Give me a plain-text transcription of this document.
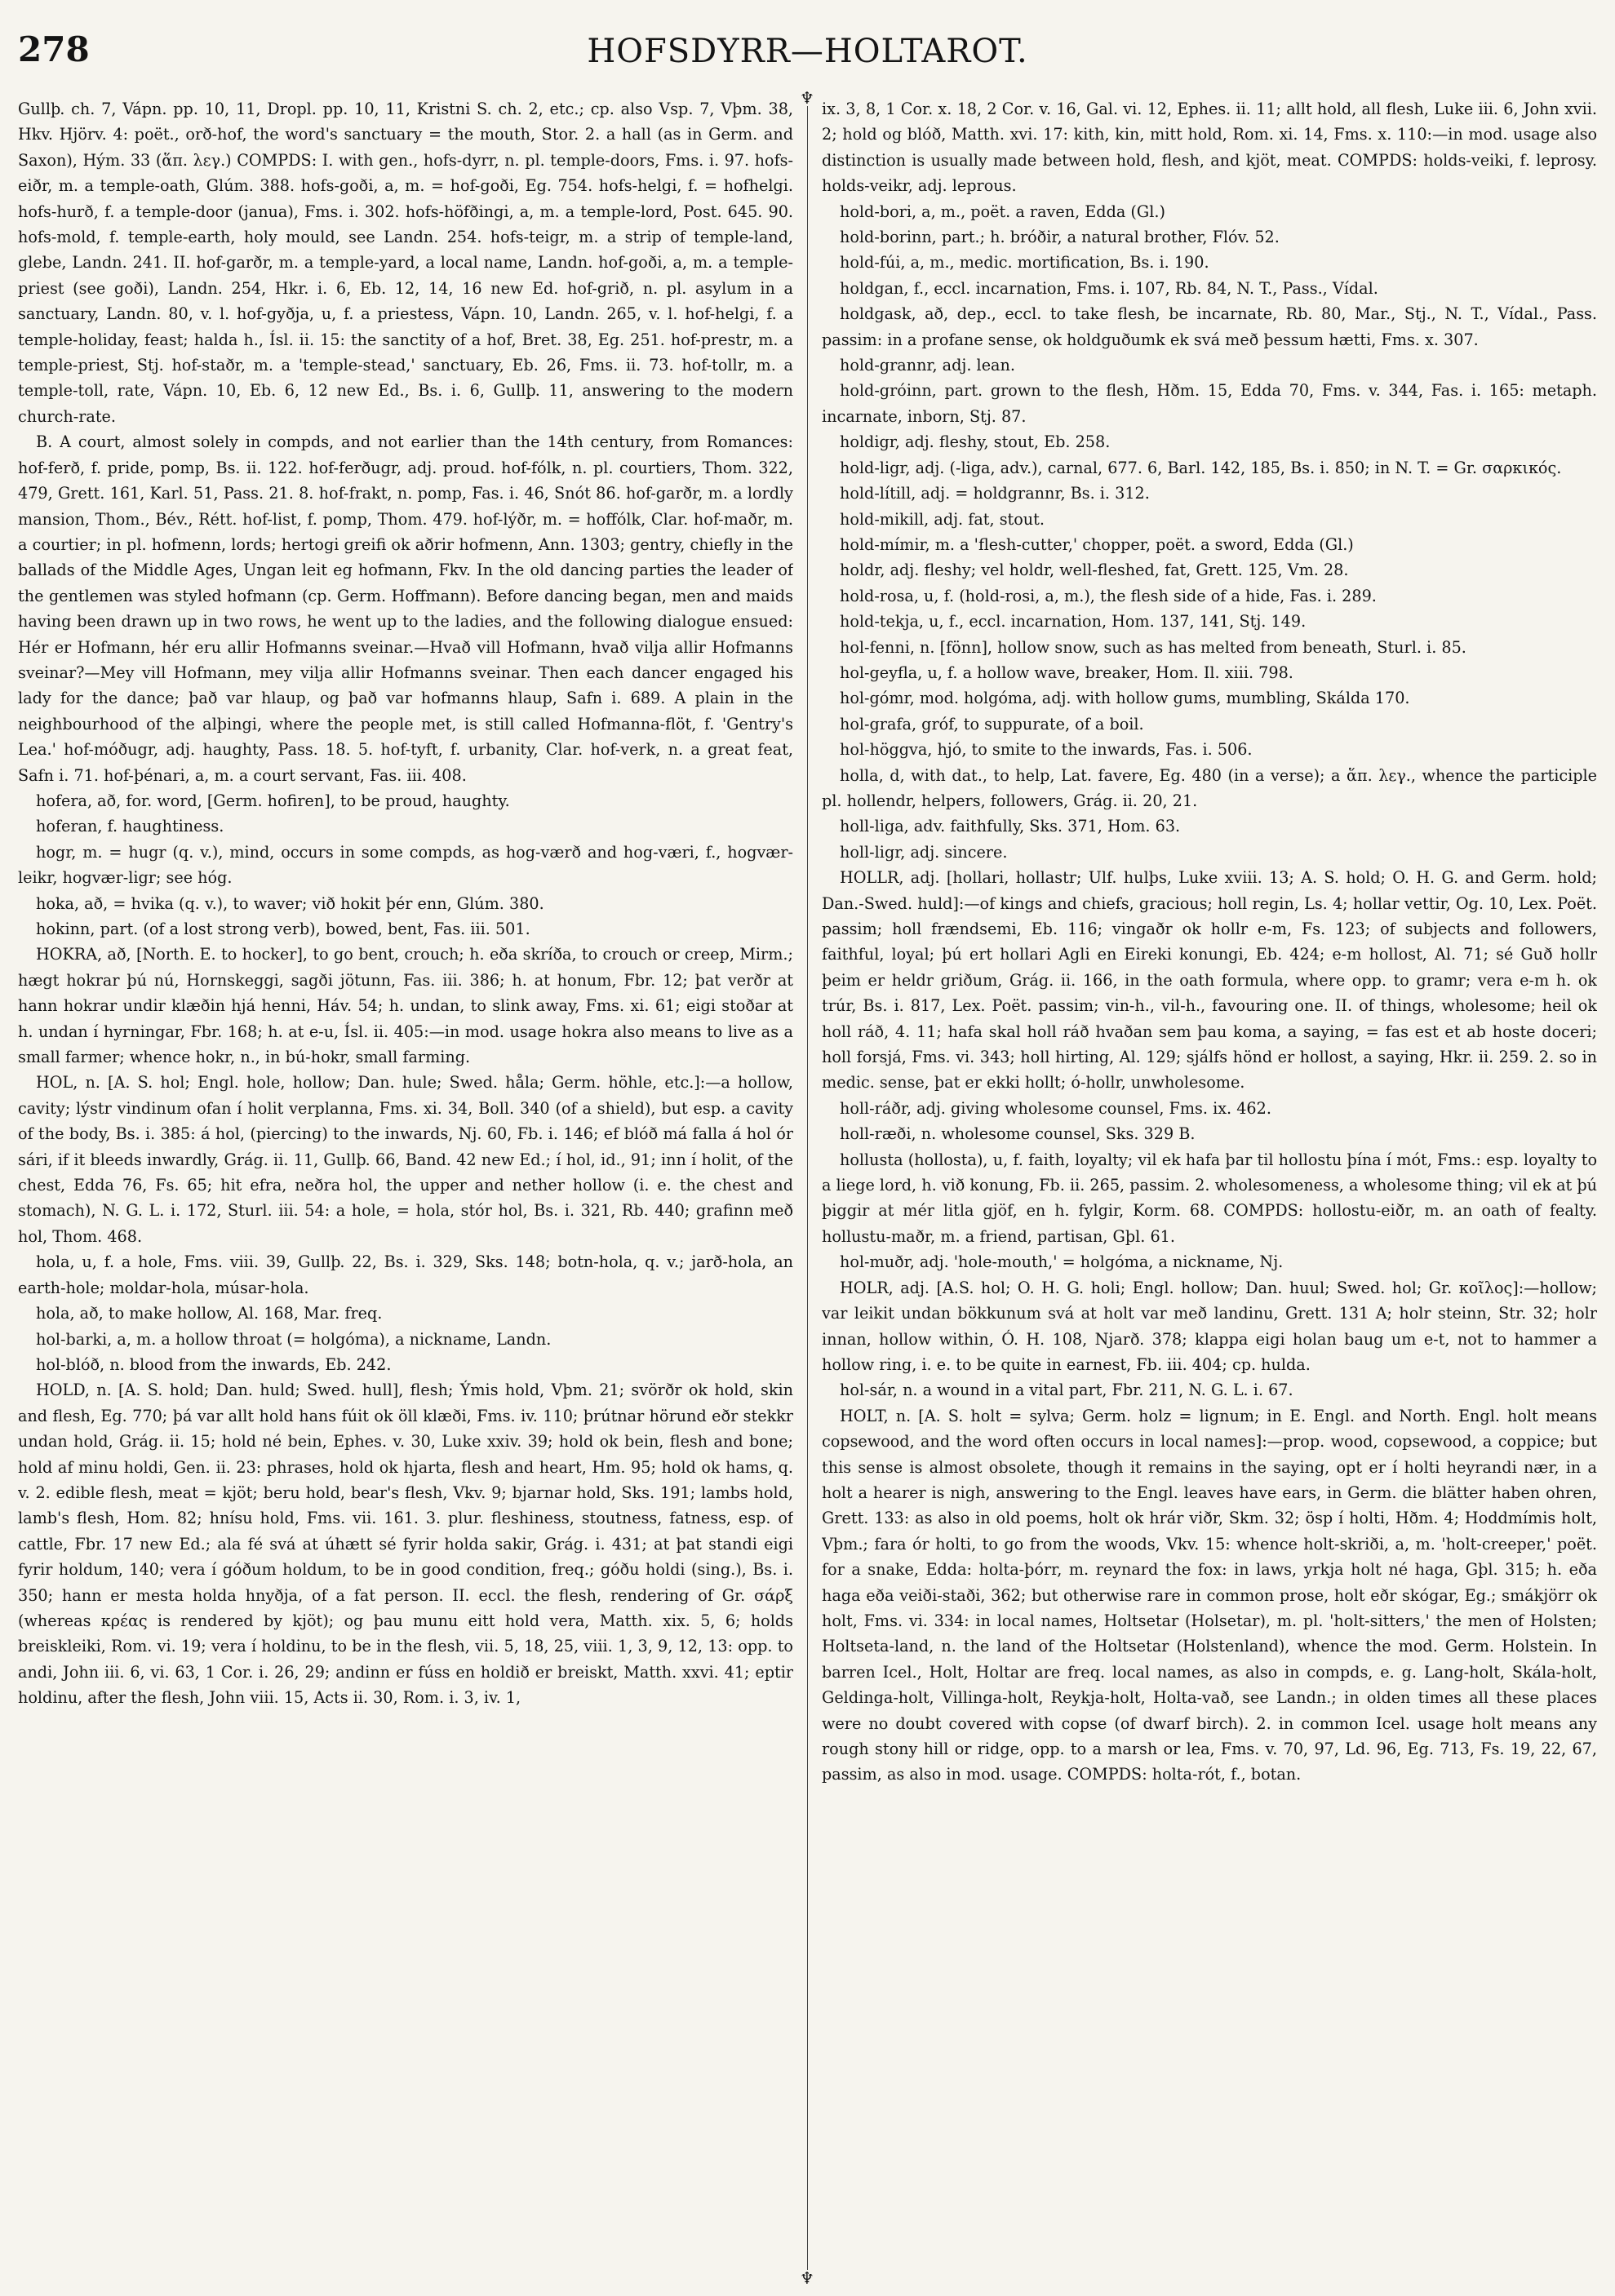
278	HOFSDYRR—HOLTAROT.

Gullþ. ch. 7, Vápn. pp. 10, 11, Dropl. pp. 10, 11, Kristni S. ch. 2, etc.; cp. also Vsp. 7, Vþm. 38, Hkv. Hjörv. 4: poët., orð-hof, the word's sanctuary = the mouth, Stor. 2. a hall (as in Germ. and Saxon), Hým. 33 (ἅπ. λεγ.) COMPDS: I. with gen., hofs-dyrr, n. pl. temple-doors, Fms. i. 97. hofs-eiðr, m. a temple-oath, Glúm. 388. hofs-goði, a, m. = hof-goði, Eg. 754. hofs-helgi, f. = hofhelgi. hofs-hurð, f. a temple-door (janua), Fms. i. 302. hofs-höfðingi, a, m. a temple-lord, Post. 645. 90. hofs-mold, f. temple-earth, holy mould, see Landn. 254. hofs-teigr, m. a strip of temple-land, glebe, Landn. 241. II. hof-garðr, m. a temple-yard, a local name, Landn. hof-goði, a, m. a temple-priest (see goði), Landn. 254, Hkr. i. 6, Eb. 12, 14, 16 new Ed. hof-grið, n. pl. asylum in a sanctuary, Landn. 80, v. l. hof-gyðja, u, f. a priestess, Vápn. 10, Landn. 265, v. l. hof-helgi, f. a temple-holiday, feast; halda h., Ísl. ii. 15: the sanctity of a hof, Bret. 38, Eg. 251. hof-prestr, m. a temple-priest, Stj. hof-staðr, m. a 'temple-stead,' sanctuary, Eb. 26, Fms. ii. 73. hof-tollr, m. a temple-toll, rate, Vápn. 10, Eb. 6, 12 new Ed., Bs. i. 6, Gullþ. 11, answering to the modern church-rate.

B. A court, almost solely in compds, and not earlier than the 14th century, from Romances: hof-ferð, f. pride, pomp, Bs. ii. 122. hof-ferðugr, adj. proud. hof-fólk, n. pl. courtiers, Thom. 322, 479, Grett. 161, Karl. 51, Pass. 21. 8. hof-frakt, n. pomp, Fas. i. 46, Snót 86. hof-garðr, m. a lordly mansion, Thom., Bév., Rétt. hof-list, f. pomp, Thom. 479. hof-lýðr, m. = hoffólk, Clar. hof-maðr, m. a courtier; in pl. hofmenn, lords; hertogi greifi ok aðrir hofmenn, Ann. 1303; gentry, chiefly in the ballads of the Middle Ages, Ungan leit eg hofmann, Fkv. In the old dancing parties the leader of the gentlemen was styled hofmann (cp. Germ. Hoffmann). Before dancing began, men and maids having been drawn up in two rows, he went up to the ladies, and the following dialogue ensued: Hér er Hofmann, hér eru allir Hofmanns sveinar.—Hvað vill Hofmann, hvað vilja allir Hofmanns sveinar?—Mey vill Hofmann, mey vilja allir Hofmanns sveinar. Then each dancer engaged his lady for the dance; það var hlaup, og það var hofmanns hlaup, Safn i. 689. A plain in the neighbourhood of the alþingi, where the people met, is still called Hofmanna-flöt, f. 'Gentry's Lea.' hof-móðugr, adj. haughty, Pass. 18. 5. hof-tyft, f. urbanity, Clar. hof-verk, n. a great feat, Safn i. 71. hof-þénari, a, m. a court servant, Fas. iii. 408.

hofera, að, for. word, [Germ. hofiren], to be proud, haughty.

hoferan, f. haughtiness.

hogr, m. = hugr (q. v.), mind, occurs in some compds, as hog-værð and hog-væri, f., hogvær-leikr, hogvær-ligr; see hóg.

hoka, að, = hvika (q. v.), to waver; við hokit þér enn, Glúm. 380.

hokinn, part. (of a lost strong verb), bowed, bent, Fas. iii. 501.

HOKRA, að, [North. E. to hocker], to go bent, crouch; h. eða skríða, to crouch or creep, Mirm.; hægt hokrar þú nú, Hornskeggi, sagði jötunn, Fas. iii. 386; h. at honum, Fbr. 12; þat verðr at hann hokrar undir klæðin hjá henni, Háv. 54; h. undan, to slink away, Fms. xi. 61; eigi stoðar at h. undan í hyrningar, Fbr. 168; h. at e-u, Ísl. ii. 405:—in mod. usage hokra also means to live as a small farmer; whence hokr, n., in bú-hokr, small farming.

HOL, n. [A. S. hol; Engl. hole, hollow; Dan. hule; Swed. håla; Germ. höhle, etc.]:—a hollow, cavity; lýstr vindinum ofan í holit verplanna, Fms. xi. 34, Boll. 340 (of a shield), but esp. a cavity of the body, Bs. i. 385: á hol, (piercing) to the inwards, Nj. 60, Fb. i. 146; ef blóð má falla á hol ór sári, if it bleeds inwardly, Grág. ii. 11, Gullþ. 66, Band. 42 new Ed.; í hol, id., 91; inn í holit, of the chest, Edda 76, Fs. 65; hit efra, neðra hol, the upper and nether hollow (i. e. the chest and stomach), N. G. L. i. 172, Sturl. iii. 54: a hole, = hola, stór hol, Bs. i. 321, Rb. 440; grafinn með hol, Thom. 468.

hola, u, f. a hole, Fms. viii. 39, Gullþ. 22, Bs. i. 329, Sks. 148; botn-hola, q. v.; jarð-hola, an earth-hole; moldar-hola, músar-hola.

hola, að, to make hollow, Al. 168, Mar. freq.

hol-barki, a, m. a hollow throat (= holgóma), a nickname, Landn.

hol-blóð, n. blood from the inwards, Eb. 242.

HOLD, n. [A. S. hold; Dan. huld; Swed. hull], flesh; Ýmis hold, Vþm. 21; svörðr ok hold, skin and flesh, Eg. 770; þá var allt hold hans fúit ok öll klæði, Fms. iv. 110; þrútnar hörund eðr stekkr undan hold, Grág. ii. 15; hold né bein, Ephes. v. 30, Luke xxiv. 39; hold ok bein, flesh and bone; hold af minu holdi, Gen. ii. 23: phrases, hold ok hjarta, flesh and heart, Hm. 95; hold ok hams, q. v. 2. edible flesh, meat = kjöt; beru hold, bear's flesh, Vkv. 9; bjarnar hold, Sks. 191; lambs hold, lamb's flesh, Hom. 82; hnísu hold, Fms. vii. 161. 3. plur. fleshiness, stoutness, fatness, esp. of cattle, Fbr. 17 new Ed.; ala fé svá at úhætt sé fyrir holda sakir, Grág. i. 431; at þat standi eigi fyrir holdum, 140; vera í góðum holdum, to be in good condition, freq.; góðu holdi (sing.), Bs. i. 350; hann er mesta holda hnyðja, of a fat person. II. eccl. the flesh, rendering of Gr. σάρξ (whereas κρέας is rendered by kjöt); og þau munu eitt hold vera, Matth. xix. 5, 6; holds breiskleiki, Rom. vi. 19; vera í holdinu, to be in the flesh, vii. 5, 18, 25, viii. 1, 3, 9, 12, 13: opp. to andi, John iii. 6, vi. 63, 1 Cor. i. 26, 29; andinn er fúss en holdið er breiskt, Matth. xxvi. 41; eptir holdinu, after the flesh, John viii. 15, Acts ii. 30, Rom. i. 3, iv. 1,

♆
♆

ix. 3, 8, 1 Cor. x. 18, 2 Cor. v. 16, Gal. vi. 12, Ephes. ii. 11; allt hold, all flesh, Luke iii. 6, John xvii. 2; hold og blóð, Matth. xvi. 17: kith, kin, mitt hold, Rom. xi. 14, Fms. x. 110:—in mod. usage also distinction is usually made between hold, flesh, and kjöt, meat. COMPDS: holds-veiki, f. leprosy. holds-veikr, adj. leprous.

hold-bori, a, m., poët. a raven, Edda (Gl.)

hold-borinn, part.; h. bróðir, a natural brother, Flóv. 52.

hold-fúi, a, m., medic. mortification, Bs. i. 190.

holdgan, f., eccl. incarnation, Fms. i. 107, Rb. 84, N. T., Pass., Vídal.

holdgask, að, dep., eccl. to take flesh, be incarnate, Rb. 80, Mar., Stj., N. T., Vídal., Pass. passim: in a profane sense, ok holdguðumk ek svá með þessum hætti, Fms. x. 307.

hold-grannr, adj. lean.

hold-gróinn, part. grown to the flesh, Hðm. 15, Edda 70, Fms. v. 344, Fas. i. 165: metaph. incarnate, inborn, Stj. 87.

holdigr, adj. fleshy, stout, Eb. 258.

hold-ligr, adj. (-liga, adv.), carnal, 677. 6, Barl. 142, 185, Bs. i. 850; in N. T. = Gr. σαρκικός.

hold-lítill, adj. = holdgrannr, Bs. i. 312.

hold-mikill, adj. fat, stout.

hold-mímir, m. a 'flesh-cutter,' chopper, poët. a sword, Edda (Gl.)

holdr, adj. fleshy; vel holdr, well-fleshed, fat, Grett. 125, Vm. 28.

hold-rosa, u, f. (hold-rosi, a, m.), the flesh side of a hide, Fas. i. 289.

hold-tekja, u, f., eccl. incarnation, Hom. 137, 141, Stj. 149.

hol-fenni, n. [fönn], hollow snow, such as has melted from beneath, Sturl. i. 85.

hol-geyfla, u, f. a hollow wave, breaker, Hom. Il. xiii. 798.

hol-gómr, mod. holgóma, adj. with hollow gums, mumbling, Skálda 170.

hol-grafa, gróf, to suppurate, of a boil.

hol-höggva, hjó, to smite to the inwards, Fas. i. 506.

holla, d, with dat., to help, Lat. favere, Eg. 480 (in a verse); a ἅπ. λεγ., whence the participle pl. hollendr, helpers, followers, Grág. ii. 20, 21.

holl-liga, adv. faithfully, Sks. 371, Hom. 63.

holl-ligr, adj. sincere.

HOLLR, adj. [hollari, hollastr; Ulf. hulþs, Luke xviii. 13; A. S. hold; O. H. G. and Germ. hold; Dan.-Swed. huld]:—of kings and chiefs, gracious; holl regin, Ls. 4; hollar vettir, Og. 10, Lex. Poët. passim; holl frændsemi, Eb. 116; vingaðr ok hollr e-m, Fs. 123; of subjects and followers, faithful, loyal; þú ert hollari Agli en Eireki konungi, Eb. 424; e-m hollost, Al. 71; sé Guð hollr þeim er heldr griðum, Grág. ii. 166, in the oath formula, where opp. to gramr; vera e-m h. ok trúr, Bs. i. 817, Lex. Poët. passim; vin-h., vil-h., favouring one. II. of things, wholesome; heil ok holl ráð, 4. 11; hafa skal holl ráð hvaðan sem þau koma, a saying, = fas est et ab hoste doceri; holl forsjá, Fms. vi. 343; holl hirting, Al. 129; sjálfs hönd er hollost, a saying, Hkr. ii. 259. 2. so in medic. sense, þat er ekki hollt; ó-hollr, unwholesome.

holl-ráðr, adj. giving wholesome counsel, Fms. ix. 462.

holl-ræði, n. wholesome counsel, Sks. 329 B.

hollusta (hollosta), u, f. faith, loyalty; vil ek hafa þar til hollostu þína í mót, Fms.: esp. loyalty to a liege lord, h. við konung, Fb. ii. 265, passim. 2. wholesomeness, a wholesome thing; vil ek at þú þiggir at mér litla gjöf, en h. fylgir, Korm. 68. COMPDS: hollostu-eiðr, m. an oath of fealty. hollustu-maðr, m. a friend, partisan, Gþl. 61.

hol-muðr, adj. 'hole-mouth,' = holgóma, a nickname, Nj.

HOLR, adj. [A.S. hol; O. H. G. holi; Engl. hollow; Dan. huul; Swed. hol; Gr. κοῖλος]:—hollow; var leikit undan bökkunum svá at holt var með landinu, Grett. 131 A; holr steinn, Str. 32; holr innan, hollow within, Ó. H. 108, Njarð. 378; klappa eigi holan baug um e-t, not to hammer a hollow ring, i. e. to be quite in earnest, Fb. iii. 404; cp. hulda.

hol-sár, n. a wound in a vital part, Fbr. 211, N. G. L. i. 67.

HOLT, n. [A. S. holt = sylva; Germ. holz = lignum; in E. Engl. and North. Engl. holt means copsewood, and the word often occurs in local names]:—prop. wood, copsewood, a coppice; but this sense is almost obsolete, though it remains in the saying, opt er í holti heyrandi nær, in a holt a hearer is nigh, answering to the Engl. leaves have ears, in Germ. die blätter haben ohren, Grett. 133: as also in old poems, holt ok hrár viðr, Skm. 32; ösp í holti, Hðm. 4; Hoddmímis holt, Vþm.; fara ór holti, to go from the woods, Vkv. 15: whence holt-skriði, a, m. 'holt-creeper,' poët. for a snake, Edda: holta-þórr, m. reynard the fox: in laws, yrkja holt né haga, Gþl. 315; h. eða haga eða veiði-staði, 362; but otherwise rare in common prose, holt eðr skógar, Eg.; smákjörr ok holt, Fms. vi. 334: in local names, Holtsetar (Holsetar), m. pl. 'holt-sitters,' the men of Holsten; Holtseta-land, n. the land of the Holtsetar (Holstenland), whence the mod. Germ. Holstein. In barren Icel., Holt, Holtar are freq. local names, as also in compds, e. g. Lang-holt, Skála-holt, Geldinga-holt, Villinga-holt, Reykja-holt, Holta-vað, see Landn.; in olden times all these places were no doubt covered with copse (of dwarf birch). 2. in common Icel. usage holt means any rough stony hill or ridge, opp. to a marsh or lea, Fms. v. 70, 97, Ld. 96, Eg. 713, Fs. 19, 22, 67, passim, as also in mod. usage. COMPDS: holta-rót, f., botan.
